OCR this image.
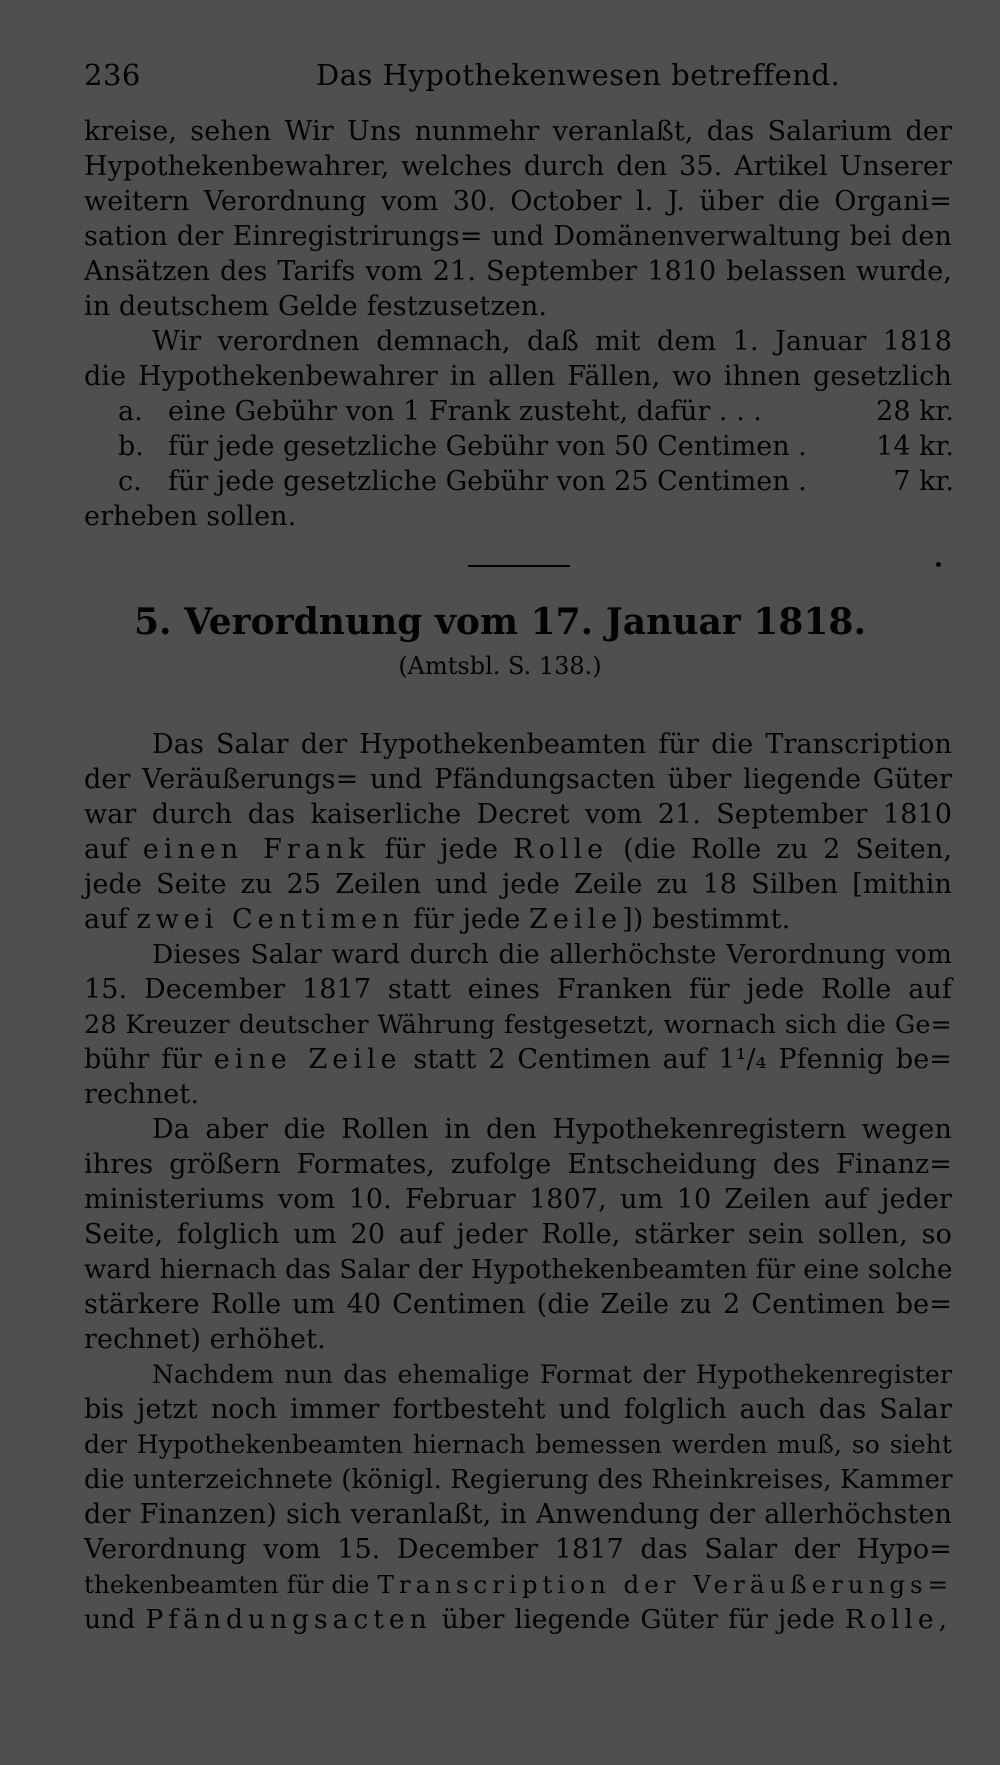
236	Das Hypothekenwesen betreffend.
kreise, sehen Wir Uns nunmehr veranlaßt, das Salarium der
Hypothekenbewahrer, welches durch den 35. Artikel Unserer
weitern Verordnung vom 30. October l. J. über die Organi=
sation der Einregistrirungs= und Domänenverwaltung bei den
Ansätzen des Tarifs vom 21. September 1810 belassen wurde,
in deutschem Gelde festzusetzen.
Wir verordnen demnach, daß mit dem 1. Januar 1818
die Hypothekenbewahrer in allen Fällen, wo ihnen gesetzlich
a. eine Gebühr von 1 Frank zusteht, dafür . . .	28 kr.
b. für jede gesetzliche Gebühr von 50 Centimen .	14 kr.
c. für jede gesetzliche Gebühr von 25 Centimen .	7 kr.
erheben sollen.
5. Verordnung vom 17. Januar 1818.
(Amtsbl. S. 138.)
Das Salar der Hypothekenbeamten für die Transcription
der Veräußerungs= und Pfändungsacten über liegende Güter
war durch das kaiserliche Decret vom 21. September 1810
auf einen Frank für jede Rolle (die Rolle zu 2 Seiten,
jede Seite zu 25 Zeilen und jede Zeile zu 18 Silben [mithin
auf zwei Centimen für jede Zeile]) bestimmt.
Dieses Salar ward durch die allerhöchste Verordnung vom
15. December 1817 statt eines Franken für jede Rolle auf
28 Kreuzer deutscher Währung festgesetzt, wornach sich die Ge=
bühr für eine Zeile statt 2 Centimen auf 1¹/₄ Pfennig be=
rechnet.
Da aber die Rollen in den Hypothekenregistern wegen
ihres größern Formates, zufolge Entscheidung des Finanz=
ministeriums vom 10. Februar 1807, um 10 Zeilen auf jeder
Seite, folglich um 20 auf jeder Rolle, stärker sein sollen, so
ward hiernach das Salar der Hypothekenbeamten für eine solche
stärkere Rolle um 40 Centimen (die Zeile zu 2 Centimen be=
rechnet) erhöhet.
Nachdem nun das ehemalige Format der Hypothekenregister
bis jetzt noch immer fortbesteht und folglich auch das Salar
der Hypothekenbeamten hiernach bemessen werden muß, so sieht
die unterzeichnete (königl. Regierung des Rheinkreises, Kammer
der Finanzen) sich veranlaßt, in Anwendung der allerhöchsten
Verordnung vom 15. December 1817 das Salar der Hypo=
thekenbeamten für die Transcription der Veräußerungs=
und Pfändungsacten über liegende Güter für jede Rolle,
